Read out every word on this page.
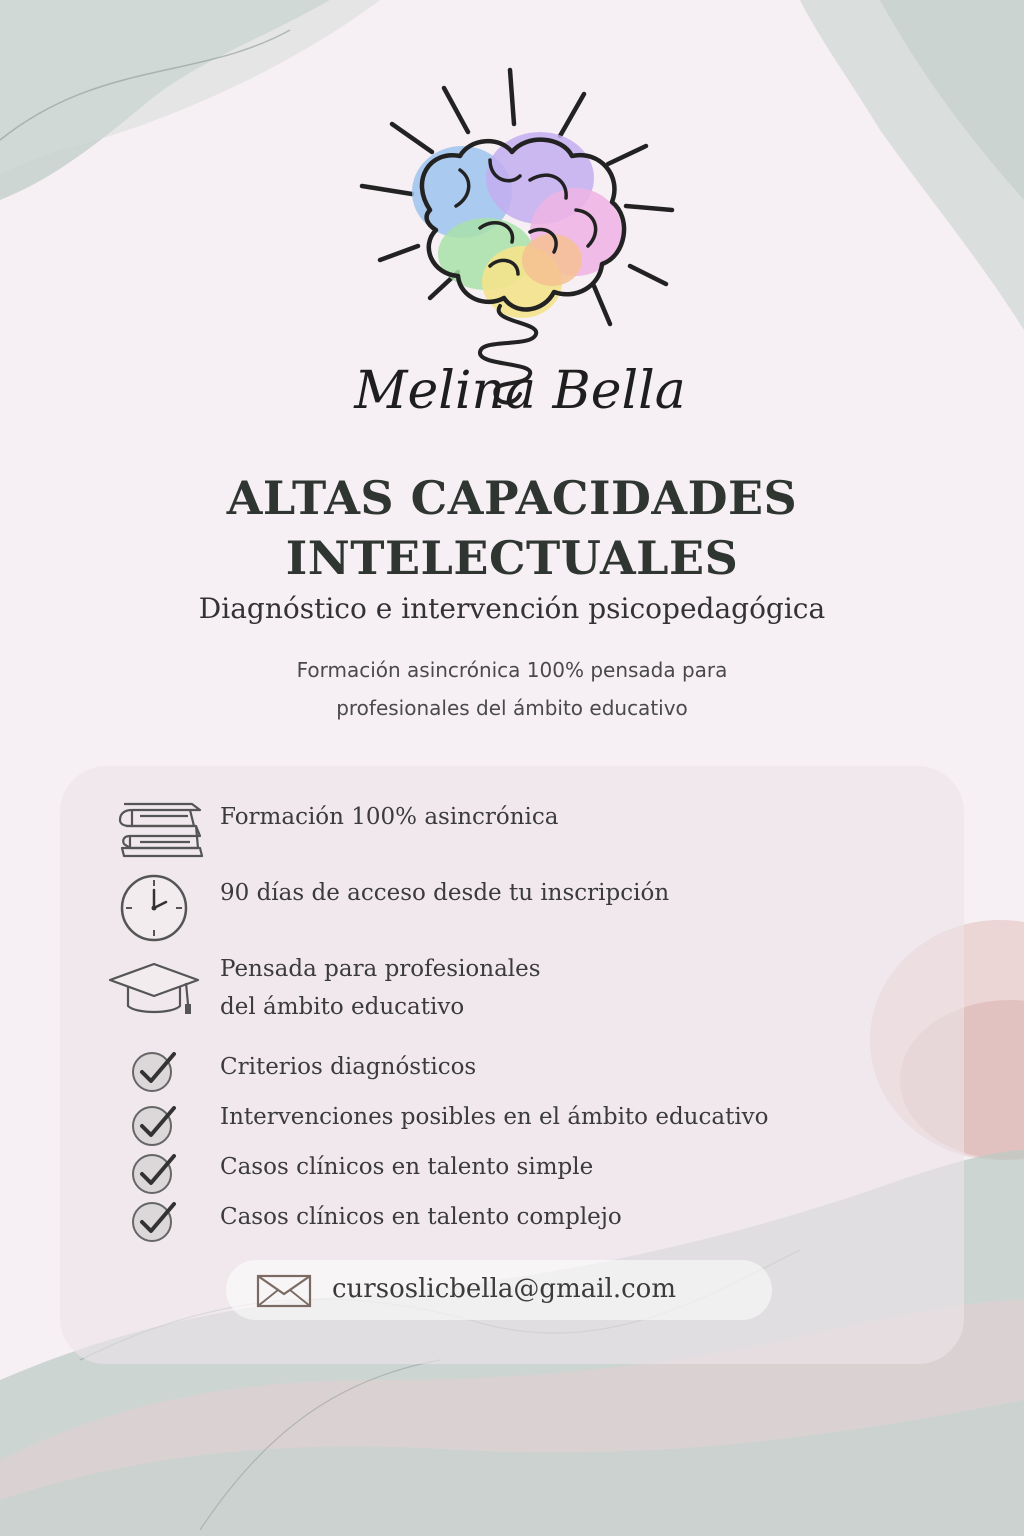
Melina Bella
ALTAS CAPACIDADES
INTELECTUALES
Diagnóstico e intervención psicopedagógica
Formación asincrónica 100% pensada para
profesionales del ámbito educativo
Formación 100% asincrónica
90 días de acceso desde tu inscripción
Pensada para profesionales
del ámbito educativo
Criterios diagnósticos
Intervenciones posibles en el ámbito educativo
Casos clínicos en talento simple
Casos clínicos en talento complejo
cursoslicbella@gmail.com
